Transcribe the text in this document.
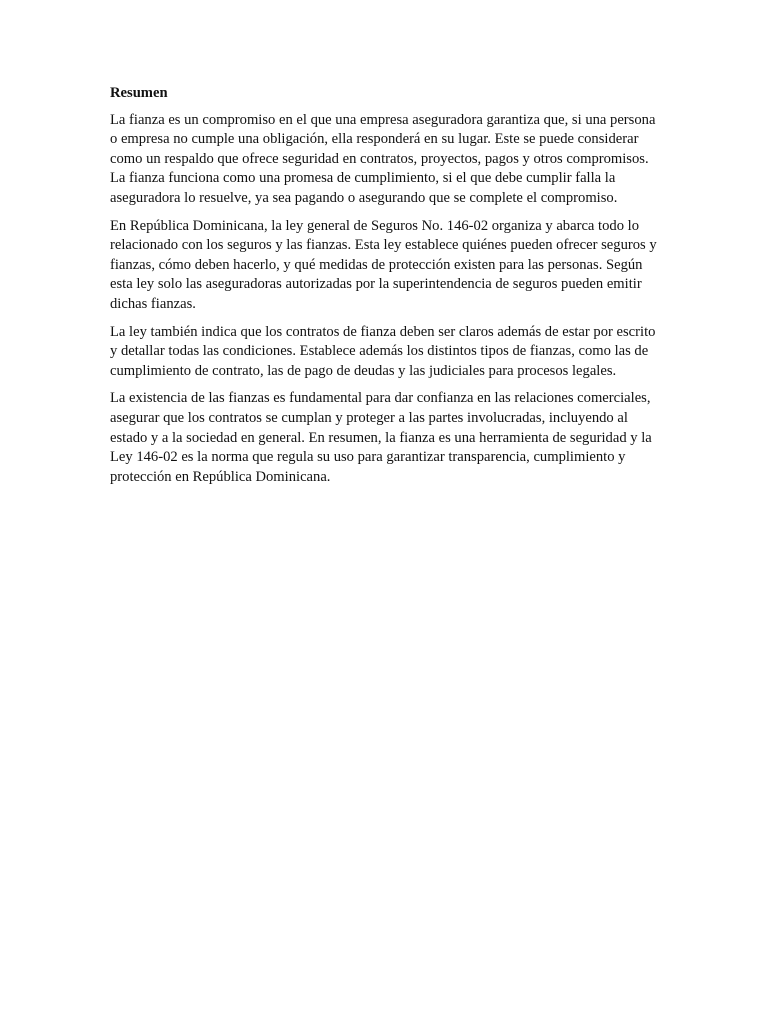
Resumen

La fianza es un compromiso en el que una empresa aseguradora garantiza que, si una persona o empresa no cumple una obligación, ella responderá en su lugar. Este se puede considerar como un respaldo que ofrece seguridad en contratos, proyectos, pagos y otros compromisos. La fianza funciona como una promesa de cumplimiento, si el que debe cumplir falla la aseguradora lo resuelve, ya sea pagando o asegurando que se complete el compromiso.

En República Dominicana, la ley general de Seguros No. 146-02 organiza y abarca todo lo relacionado con los seguros y las fianzas. Esta ley establece quiénes pueden ofrecer seguros y fianzas, cómo deben hacerlo, y qué medidas de protección existen para las personas. Según esta ley solo las aseguradoras autorizadas por la superintendencia de seguros pueden emitir dichas fianzas.

La ley también indica que los contratos de fianza deben ser claros además de estar por escrito y detallar todas las condiciones. Establece además los distintos tipos de fianzas, como las de cumplimiento de contrato, las de pago de deudas y las judiciales para procesos legales.

La existencia de las fianzas es fundamental para dar confianza en las relaciones comerciales, asegurar que los contratos se cumplan y proteger a las partes involucradas, incluyendo al estado y a la sociedad en general. En resumen, la fianza es una herramienta de seguridad y la Ley 146-02 es la norma que regula su uso para garantizar transparencia, cumplimiento y protección en República Dominicana.
